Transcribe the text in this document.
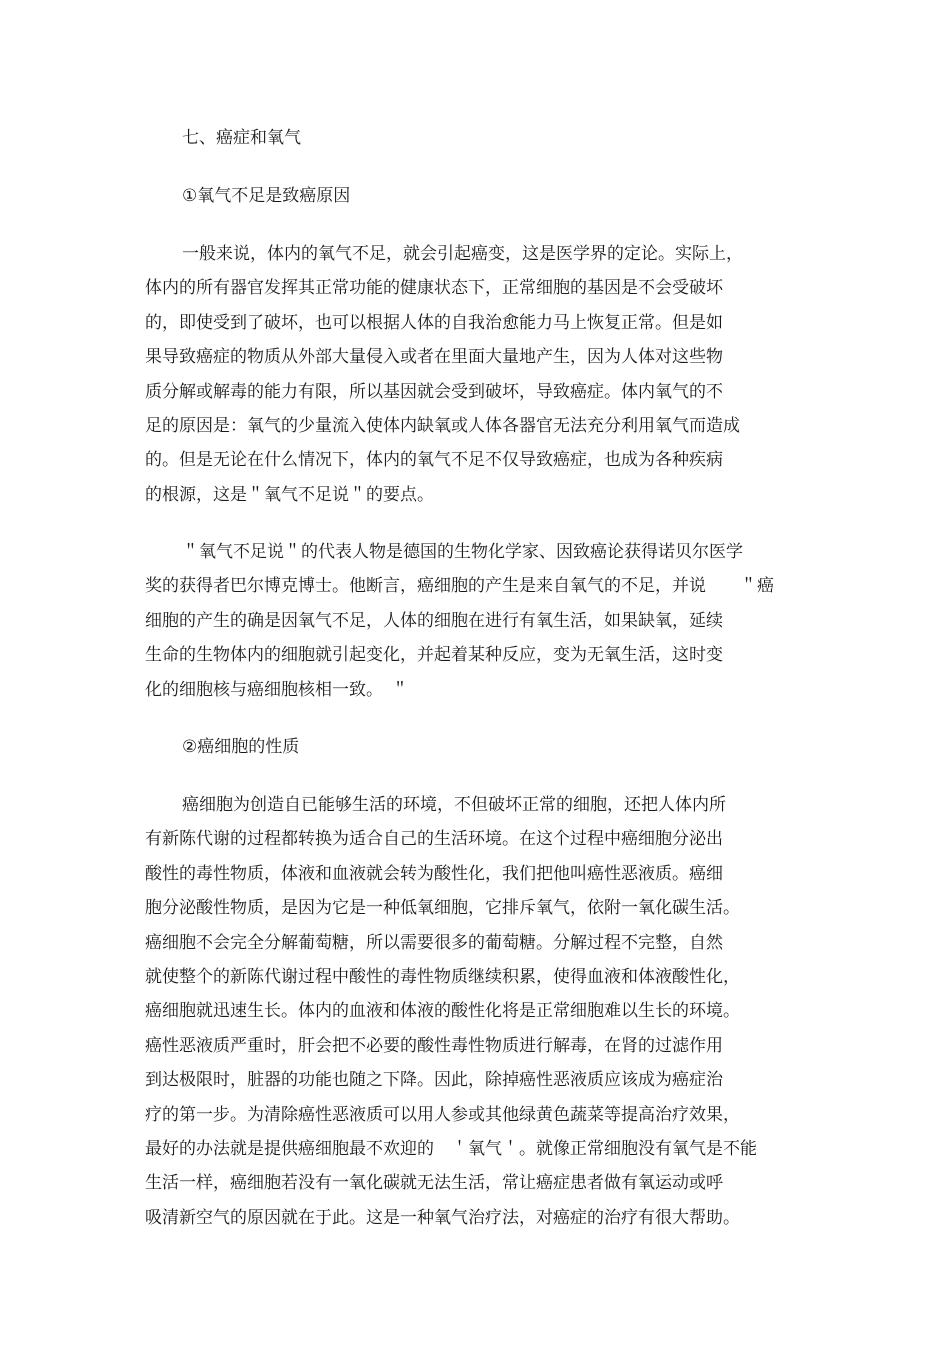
七、癌症和氧气
①氧气不足是致癌原因
一般来说，体内的氧气不足，就会引起癌变，这是医学界的定论。实际上，
体内的所有器官发挥其正常功能的健康状态下，正常细胞的基因是不会受破坏
的，即使受到了破坏，也可以根据人体的自我治愈能力马上恢复正常。但是如
果导致癌症的物质从外部大量侵入或者在里面大量地产生，因为人体对这些物
质分解或解毒的能力有限，所以基因就会受到破坏，导致癌症。体内氧气的不
足的原因是：氧气的少量流入使体内缺氧或人体各器官无法充分利用氧气而造成
的。但是无论在什么情况下，体内的氧气不足不仅导致癌症，也成为各种疾病
的根源，这是＂氧气不足说＂的要点。
＂氧气不足说＂的代表人物是德国的生物化学家、因致癌论获得诺贝尔医学
奖的获得者巴尔博克博士。他断言，癌细胞的产生是来自氧气的不足，并说　　＂癌
细胞的产生的确是因氧气不足，人体的细胞在进行有氧生活，如果缺氧，延续
生命的生物体内的细胞就引起变化，并起着某种反应，变为无氧生活，这时变
化的细胞核与癌细胞核相一致。　＂
②癌细胞的性质
癌细胞为创造自已能够生活的环境，不但破坏正常的细胞，还把人体内所
有新陈代谢的过程都转换为适合自己的生活环境。在这个过程中癌细胞分泌出
酸性的毒性物质，体液和血液就会转为酸性化，我们把他叫癌性恶液质。癌细
胞分泌酸性物质，是因为它是一种低氧细胞，它排斥氧气，依附一氧化碳生活。
癌细胞不会完全分解葡萄糖，所以需要很多的葡萄糖。分解过程不完整，自然
就使整个的新陈代谢过程中酸性的毒性物质继续积累，使得血液和体液酸性化，
癌细胞就迅速生长。体内的血液和体液的酸性化将是正常细胞难以生长的环境。
癌性恶液质严重时，肝会把不必要的酸性毒性物质进行解毒，在肾的过滤作用
到达极限时，脏器的功能也随之下降。因此，除掉癌性恶液质应该成为癌症治
疗的第一步。为清除癌性恶液质可以用人参或其他绿黄色蔬菜等提高治疗效果，
最好的办法就是提供癌细胞最不欢迎的　＇氧气＇。就像正常细胞没有氧气是不能
生活一样，癌细胞若没有一氧化碳就无法生活，常让癌症患者做有氧运动或呼
吸清新空气的原因就在于此。这是一种氧气治疗法，对癌症的治疗有很大帮助。
